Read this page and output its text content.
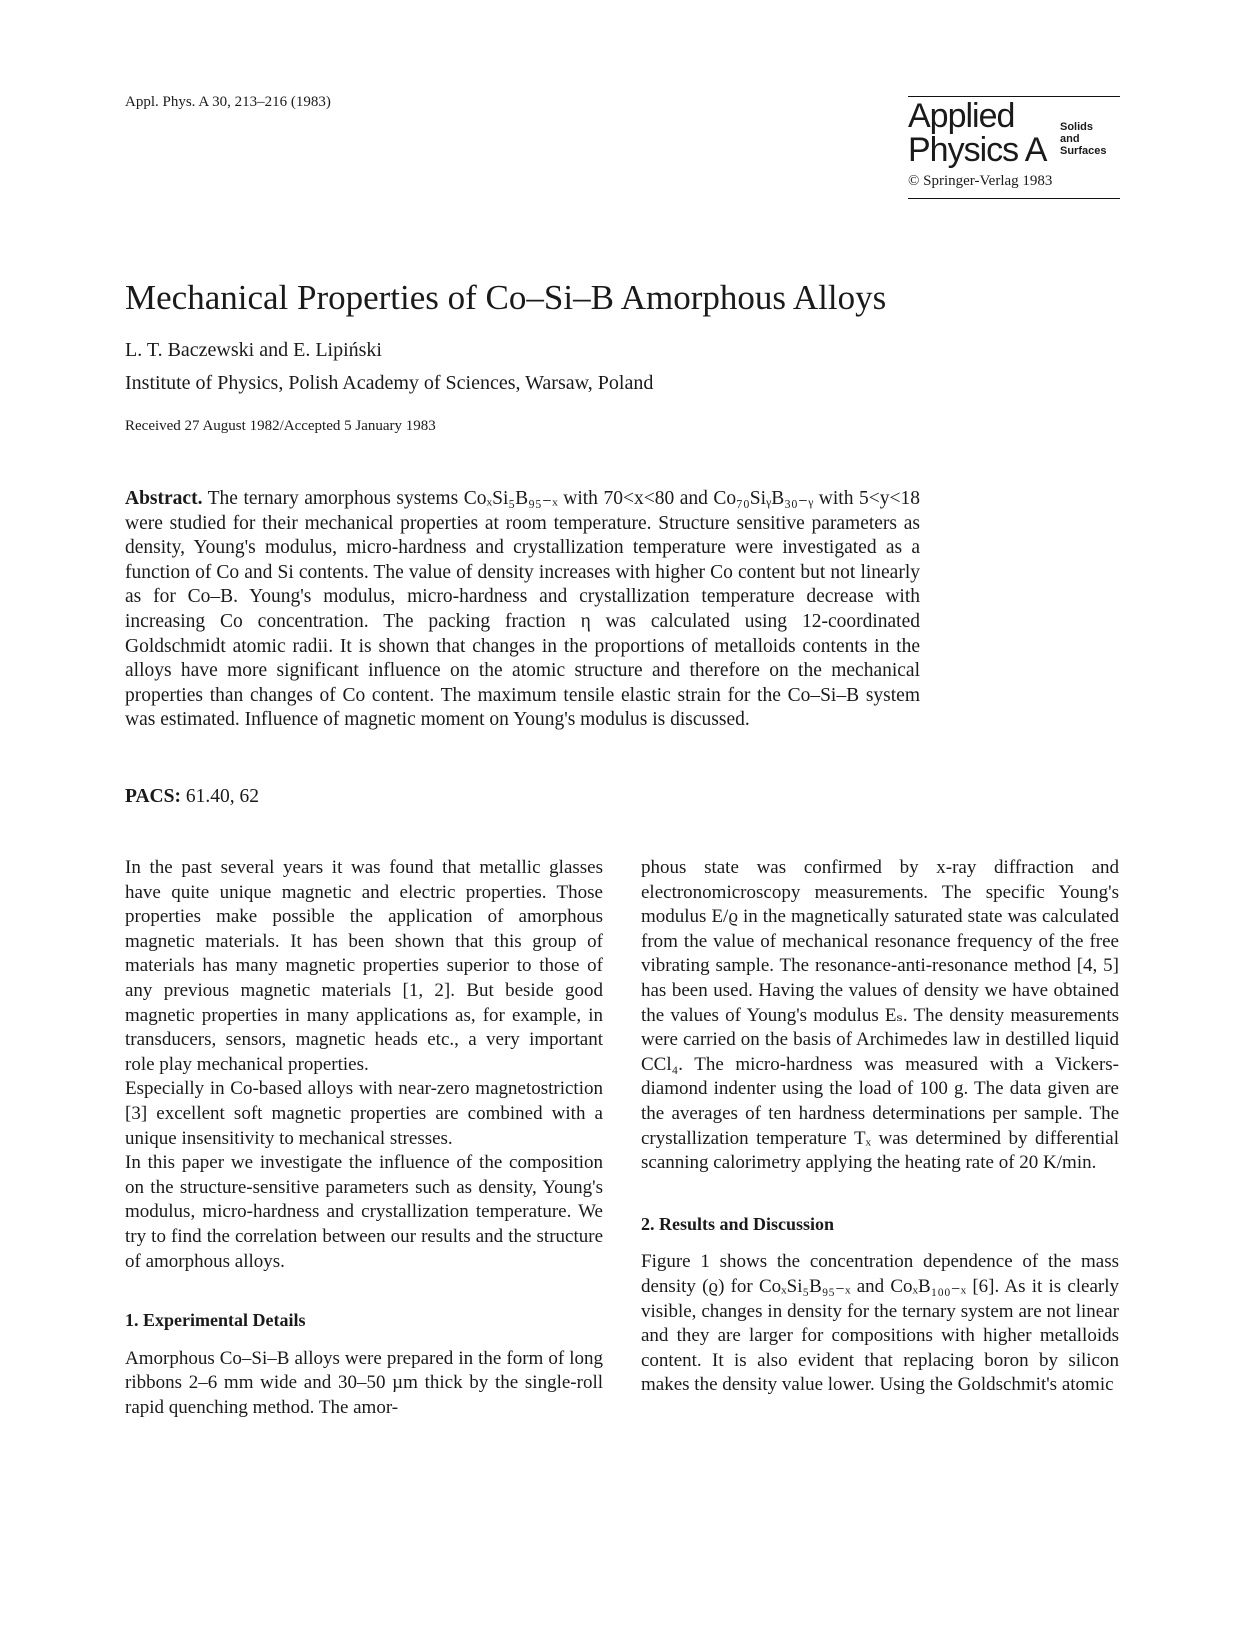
Appl. Phys. A 30, 213–216 (1983)	Applied
Physics A
Solids
and
Surfaces
© Springer-Verlag 1983
Mechanical Properties of Co–Si–B Amorphous Alloys
L. T. Baczewski and E. Lipiński
Institute of Physics, Polish Academy of Sciences, Warsaw, Poland
Received 27 August 1982/Accepted 5 January 1983
Abstract. The ternary amorphous systems CoₓSi₅B₉₅₋ₓ with 70<x<80 and Co₇₀SiᵧB₃₀₋ᵧ with 5<y<18 were studied for their mechanical properties at room temperature. Structure sensitive parameters as density, Young's modulus, micro-hardness and crystallization temperature were investigated as a function of Co and Si contents. The value of density increases with higher Co content but not linearly as for Co–B. Young's modulus, micro-hardness and crystallization temperature decrease with increasing Co concentration. The packing fraction η was calculated using 12-coordinated Goldschmidt atomic radii. It is shown that changes in the proportions of metalloids contents in the alloys have more significant influence on the atomic structure and therefore on the mechanical properties than changes of Co content. The maximum tensile elastic strain for the Co–Si–B system was estimated. Influence of magnetic moment on Young's modulus is discussed.
PACS: 61.40, 62

In the past several years it was found that metallic glasses have quite unique magnetic and electric properties. Those properties make possible the application of amorphous magnetic materials. It has been shown that this group of materials has many magnetic properties superior to those of any previous magnetic materials [1, 2]. But beside good magnetic properties in many applications as, for example, in transducers, sensors, magnetic heads etc., a very important role play mechanical properties.

Especially in Co-based alloys with near-zero magnetostriction [3] excellent soft magnetic properties are combined with a unique insensitivity to mechanical stresses.

In this paper we investigate the influence of the composition on the structure-sensitive parameters such as density, Young's modulus, micro-hardness and crystallization temperature. We try to find the correlation between our results and the structure of amorphous alloys.

1. Experimental Details

Amorphous Co–Si–B alloys were prepared in the form of long ribbons 2–6 mm wide and 30–50 µm thick by the single-roll rapid quenching method. The amor-

phous state was confirmed by x-ray diffraction and electronomicroscopy measurements. The specific Young's modulus E/ϱ in the magnetically saturated state was calculated from the value of mechanical resonance frequency of the free vibrating sample. The resonance-anti-resonance method [4, 5] has been used. Having the values of density we have obtained the values of Young's modulus Eₛ. The density measurements were carried on the basis of Archimedes law in destilled liquid CCl₄. The micro-hardness was measured with a Vickers-diamond indenter using the load of 100 g. The data given are the averages of ten hardness determinations per sample. The crystallization temperature Tₓ was determined by differential scanning calorimetry applying the heating rate of 20 K/min.

2. Results and Discussion

Figure 1 shows the concentration dependence of the mass density (ϱ) for CoₓSi₅B₉₅₋ₓ and CoₓB₁₀₀₋ₓ [6]. As it is clearly visible, changes in density for the ternary system are not linear and they are larger for compositions with higher metalloids content. It is also evident that replacing boron by silicon makes the density value lower. Using the Goldschmit's atomic
